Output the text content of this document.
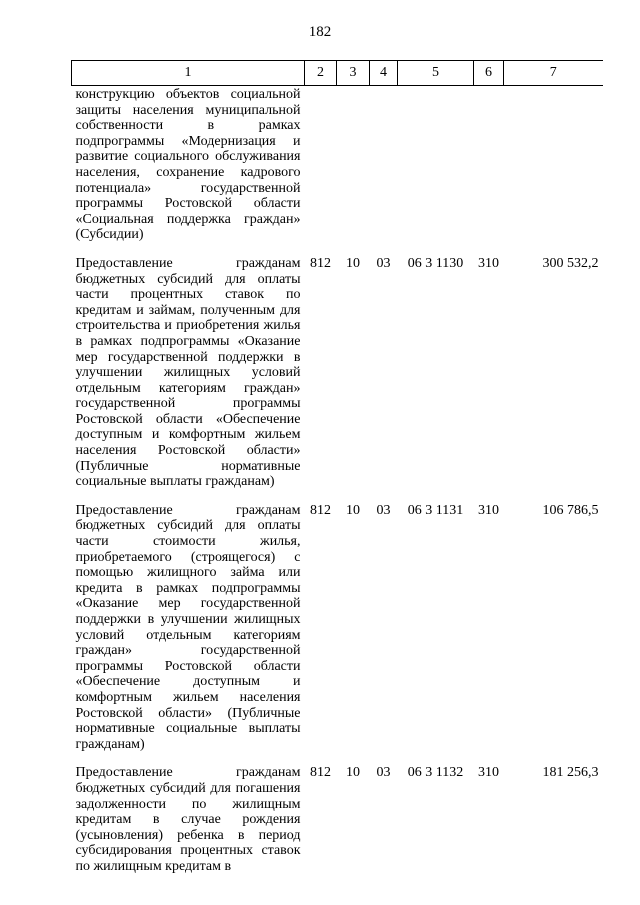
182
1	2	3	4	5	6	7
конструкцию объектов социальной защиты населения муниципальной собственности в рамках подпрограммы «Модернизация и развитие социального обслуживания населения, сохранение кадрового потенциала» государственной программы Ростовской области «Социальная поддержка граждан» (Субсидии)						
Предоставление гражданам бюджетных субсидий для оплаты части процентных ставок по кредитам и займам, полученным для строительства и приобретения жилья в рамках подпрограммы «Оказание мер государственной поддержки в улучшении жилищных условий отдельным категориям граждан» государственной программы Ростовской области «Обеспечение доступным и комфортным жильем населения Ростовской области» (Публичные нормативные социальные выплаты гражданам)	812	10	03	06 3 1130	310	300 532,2
Предоставление гражданам бюджетных субсидий для оплаты части стоимости жилья, приобретаемого (строящегося) с помощью жилищного займа или кредита в рамках подпрограммы «Оказание мер государственной поддержки в улучшении жилищных условий отдельным категориям граждан» государственной программы Ростовской области «Обеспечение доступным и комфортным жильем населения Ростовской области» (Публичные нормативные социальные выплаты гражданам)	812	10	03	06 3 1131	310	106 786,5
Предоставление гражданам бюджетных субсидий для погашения задолженности по жилищным кредитам в случае рождения (усыновления) ребенка в период субсидирования процентных ставок по жилищным кредитам в	812	10	03	06 3 1132	310	181 256,3
